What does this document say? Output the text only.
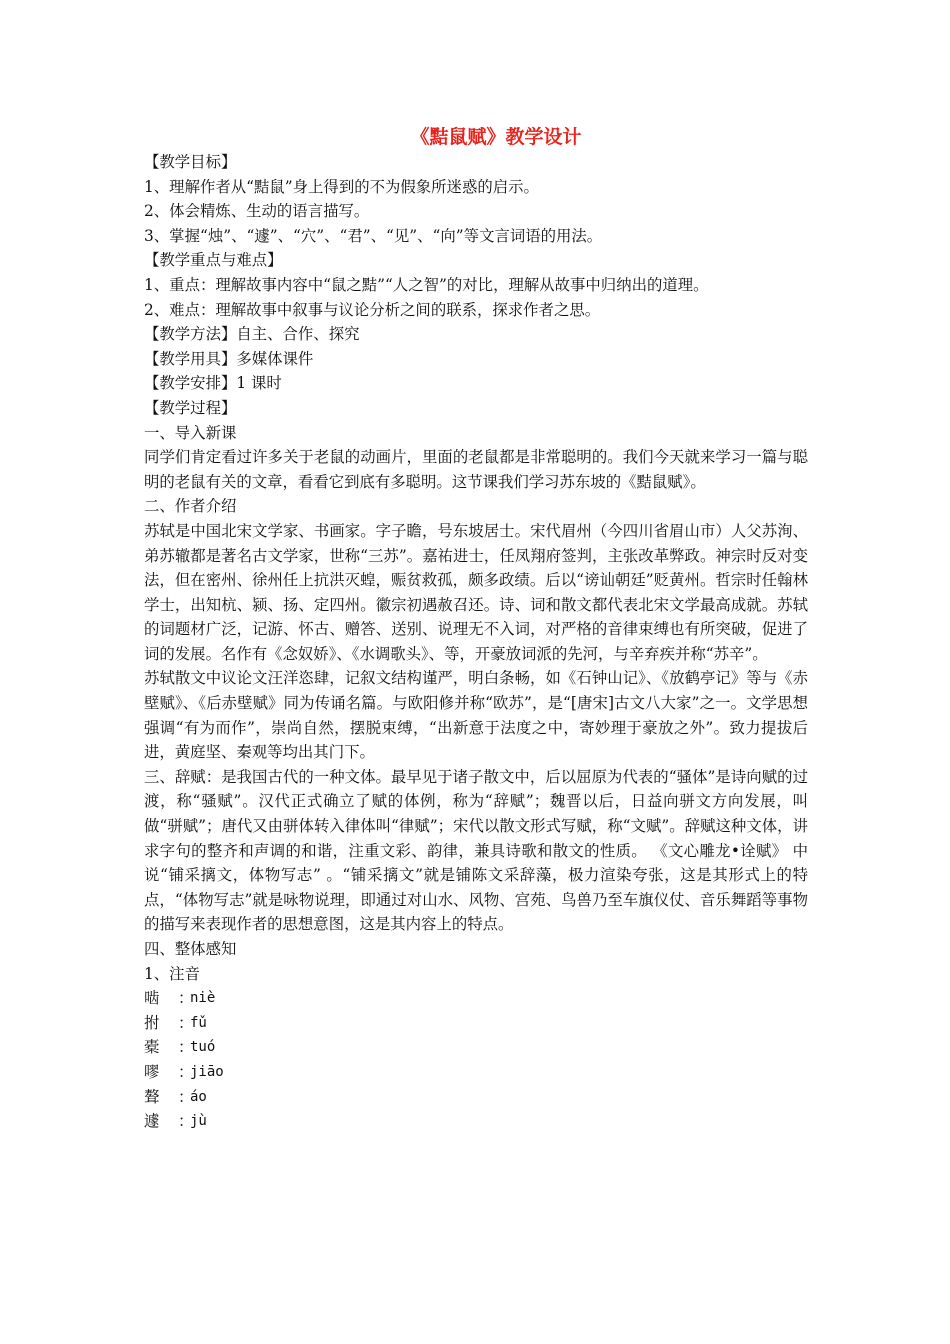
《黠鼠赋》教学设计

【教学目标】

1、理解作者从“黠鼠”身上得到的不为假象所迷惑的启示。

2、体会精炼、生动的语言描写。

3、掌握“烛”、“遽”、“穴”、“君”、“见”、“向”等文言词语的用法。

【教学重点与难点】

1、重点：理解故事内容中“鼠之黠”“人之智”的对比，理解从故事中归纳出的道理。

2、难点：理解故事中叙事与议论分析之间的联系，探求作者之思。

【教学方法】自主、合作、探究

【教学用具】多媒体课件

【教学安排】1 课时

【教学过程】

一、导入新课

同学们肯定看过许多关于老鼠的动画片，里面的老鼠都是非常聪明的。我们今天就来学习一篇与聪明的老鼠有关的文章，看看它到底有多聪明。这节课我们学习苏东坡的《黠鼠赋》。

二、作者介绍

苏轼是中国北宋文学家、书画家。字子瞻，号东坡居士。宋代眉州（今四川省眉山市）人父苏洵、弟苏辙都是著名古文学家，世称“三苏”。嘉祐进士，任凤翔府签判，主张改革弊政。神宗时反对变法，但在密州、徐州任上抗洪灭蝗，赈贫救孤，颇多政绩。后以“谤讪朝廷”贬黄州。哲宗时任翰林学士，出知杭、颍、扬、定四州。徽宗初遇赦召还。诗、词和散文都代表北宋文学最高成就。苏轼的词题材广泛，记游、怀古、赠答、送别、说理无不入词，对严格的音律束缚也有所突破，促进了词的发展。名作有《念奴娇》、《水调歌头》、等，开豪放词派的先河，与辛弃疾并称“苏辛”。

苏轼散文中议论文汪洋恣肆，记叙文结构谨严，明白条畅，如《石钟山记》、《放鹤亭记》等与《赤壁赋》、《后赤壁赋》同为传诵名篇。与欧阳修并称“欧苏”，是“[唐宋]古文八大家”之一。文学思想强调“有为而作”，崇尚自然，摆脱束缚，“出新意于法度之中，寄妙理于豪放之外”。致力提拔后进，黄庭坚、秦观等均出其门下。

三、辞赋：是我国古代的一种文体。最早见于诸子散文中，后以屈原为代表的“骚体”是诗向赋的过渡，称“骚赋”。汉代正式确立了赋的体例，称为“辞赋”；魏晋以后，日益向骈文方向发展，叫做“骈赋”；唐代又由骈体转入律体叫“律赋”；宋代以散文形式写赋，称“文赋”。辞赋这种文体，讲求字句的整齐和声调的和谐，注重文彩、韵律，兼具诗歌和散文的性质。 《文心雕龙•诠赋》 中说“铺采摛文，体物写志” 。“铺采摛文”就是铺陈文采辞藻，极力渲染夸张，这是其形式上的特点，“体物写志”就是咏物说理，即通过对山水、风物、宫苑、鸟兽乃至车旗仪仗、音乐舞蹈等事物的描写来表现作者的思想意图，这是其内容上的特点。

四、整体感知

1、注音

啮	：
niè
拊	：
fǔ
橐	：
tuó
嘐	：
jiāo
聱	：
áo
遽	：
jù
